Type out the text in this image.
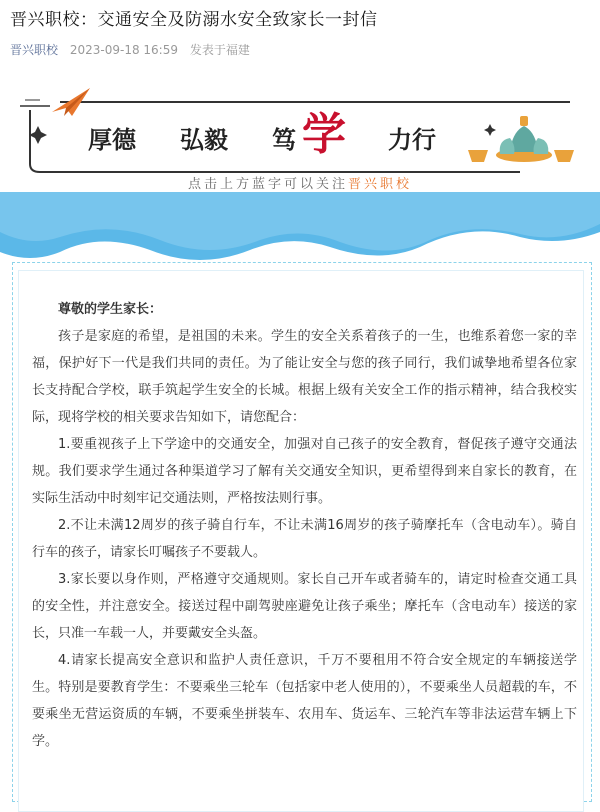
晋兴职校：交通安全及防溺水安全致家长一封信
晋兴职校 2023-09-18 16:59 发表于福建
厚德 弘毅 笃 学 力行
点击上方蓝字可以关注晋兴职校

尊敬的学生家长：

孩子是家庭的希望，是祖国的未来。学生的安全关系着孩子的一生，也维系着您一家的幸福，保护好下一代是我们共同的责任。为了能让安全与您的孩子同行，我们诚挚地希望各位家长支持配合学校，联手筑起学生安全的长城。根据上级有关安全工作的指示精神，结合我校实际，现将学校的相关要求告知如下，请您配合：

1.要重视孩子上下学途中的交通安全，加强对自己孩子的安全教育，督促孩子遵守交通法规。我们要求学生通过各种渠道学习了解有关交通安全知识，更希望得到来自家长的教育，在实际生活动中时刻牢记交通法则，严格按法则行事。

2.不让未满12周岁的孩子骑自行车，不让未满16周岁的孩子骑摩托车（含电动车）。骑自行车的孩子，请家长叮嘱孩子不要载人。

3.家长要以身作则，严格遵守交通规则。家长自己开车或者骑车的，请定时检查交通工具的安全性，并注意安全。接送过程中副驾驶座避免让孩子乘坐；摩托车（含电动车）接送的家长，只准一车载一人，并要戴安全头盔。

4.请家长提高安全意识和监护人责任意识，千万不要租用不符合安全规定的车辆接送学生。特别是要教育学生：不要乘坐三轮车（包括家中老人使用的），不要乘坐人员超载的车，不要乘坐无营运资质的车辆，不要乘坐拼装车、农用车、货运车、三轮汽车等非法运营车辆上下学。
